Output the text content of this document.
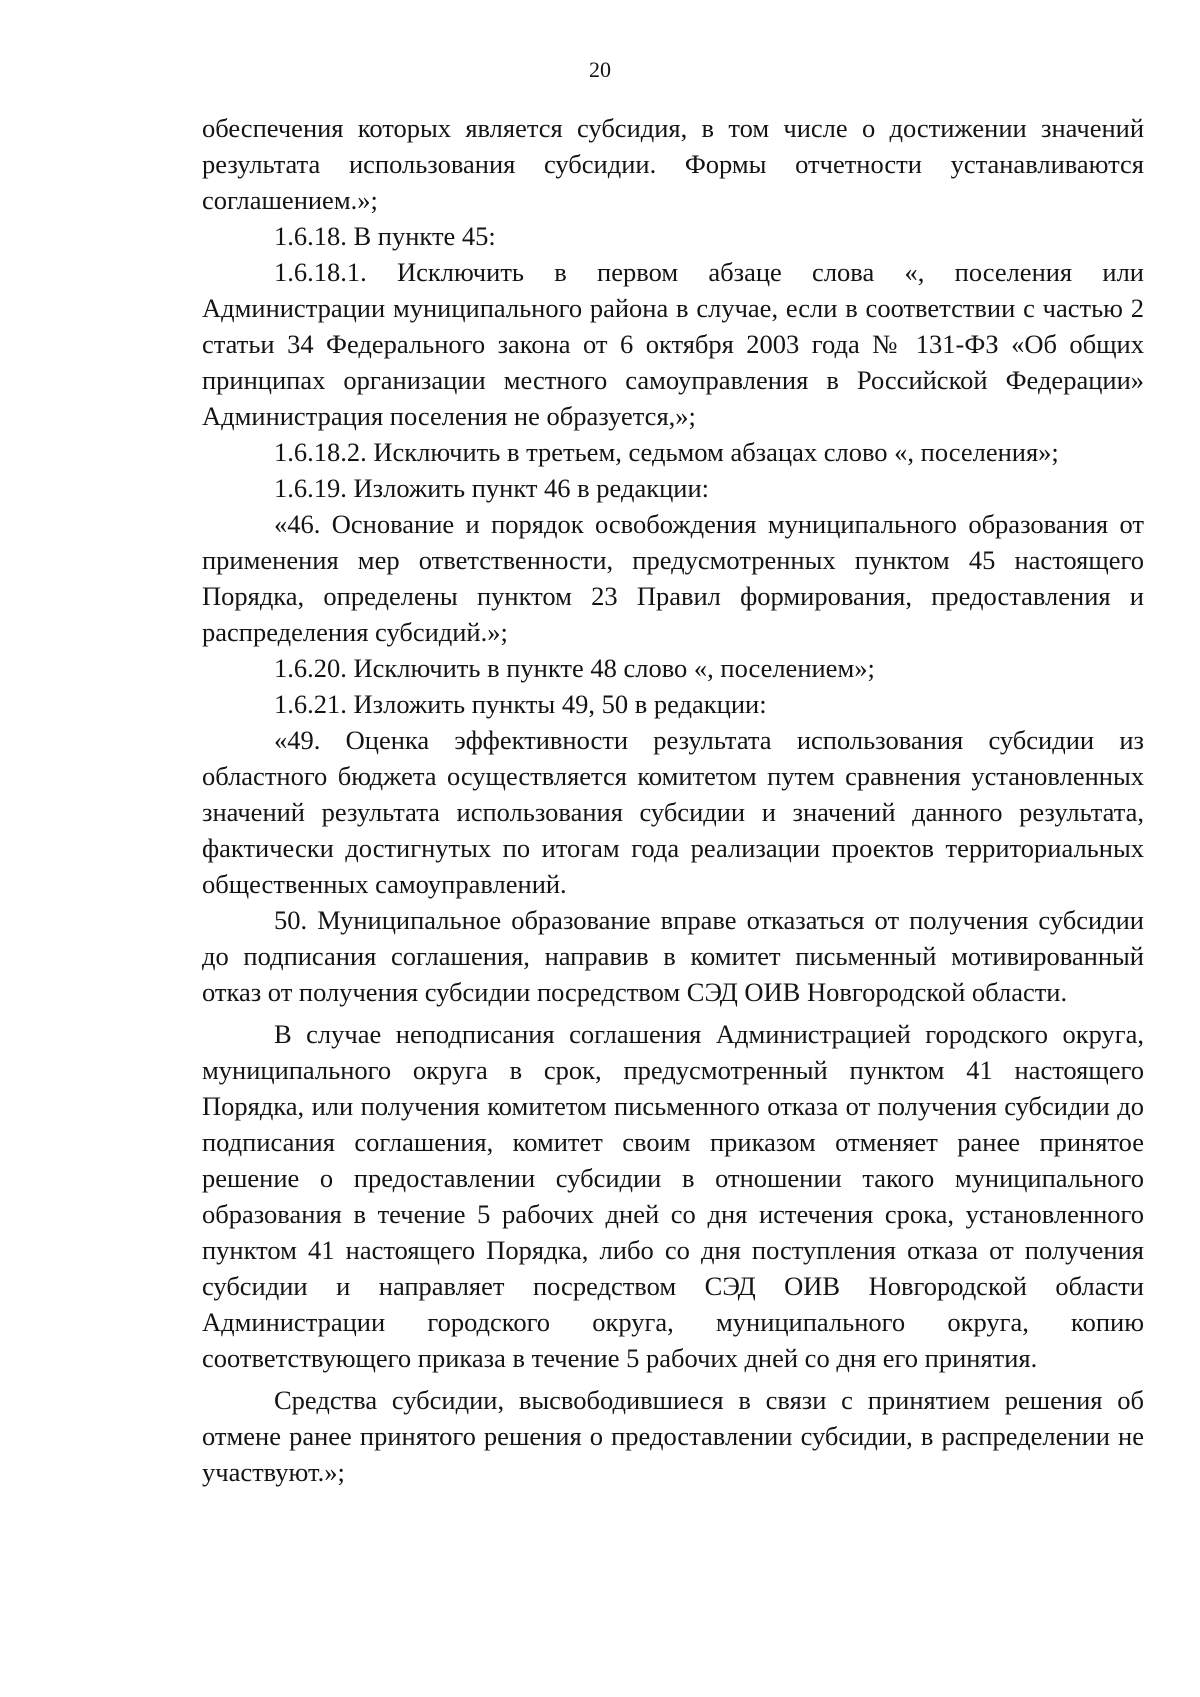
20

обеспечения которых является субсидия, в том числе о достижении значений результата использования субсидии. Формы отчетности устанавливаются соглашением.»;

1.6.18. В пункте 45:

1.6.18.1. Исключить в первом абзаце слова «, поселения или Администрации муниципального района в случае, если в соответствии с частью 2 статьи 34 Федерального закона от 6 октября 2003 года № 131-ФЗ «Об общих принципах организации местного самоуправления в Российской Федерации» Администрация поселения не образуется,»;

1.6.18.2. Исключить в третьем, седьмом абзацах слово «, поселения»;

1.6.19. Изложить пункт 46 в редакции:

«46. Основание и порядок освобождения муниципального образования от применения мер ответственности, предусмотренных пунктом 45 настоящего Порядка, определены пунктом 23 Правил формирования, предоставления и распределения субсидий.»;

1.6.20. Исключить в пункте 48 слово «, поселением»;

1.6.21. Изложить пункты 49, 50 в редакции:

«49. Оценка эффективности результата использования субсидии из областного бюджета осуществляется комитетом путем сравнения установленных значений результата использования субсидии и значений данного результата, фактически достигнутых по итогам года реализации проектов территориальных общественных самоуправлений.

50. Муниципальное образование вправе отказаться от получения субсидии до подписания соглашения, направив в комитет письменный мотивированный отказ от получения субсидии посредством СЭД ОИВ Новгородской области.

В случае неподписания соглашения Администрацией городского округа, муниципального округа в срок, предусмотренный пунктом 41 настоящего Порядка, или получения комитетом письменного отказа от получения субсидии до подписания соглашения, комитет своим приказом отменяет ранее принятое решение о предоставлении субсидии в отношении такого муниципального образования в течение 5 рабочих дней со дня истечения срока, установленного пунктом 41 настоящего Порядка, либо со дня поступления отказа от получения субсидии и направляет посредством СЭД ОИВ Новгородской области Администрации городского округа, муниципального округа, копию соответствующего приказа в течение 5 рабочих дней со дня его принятия.

Средства субсидии, высвободившиеся в связи с принятием решения об отмене ранее принятого решения о предоставлении субсидии, в распределении не участвуют.»;
